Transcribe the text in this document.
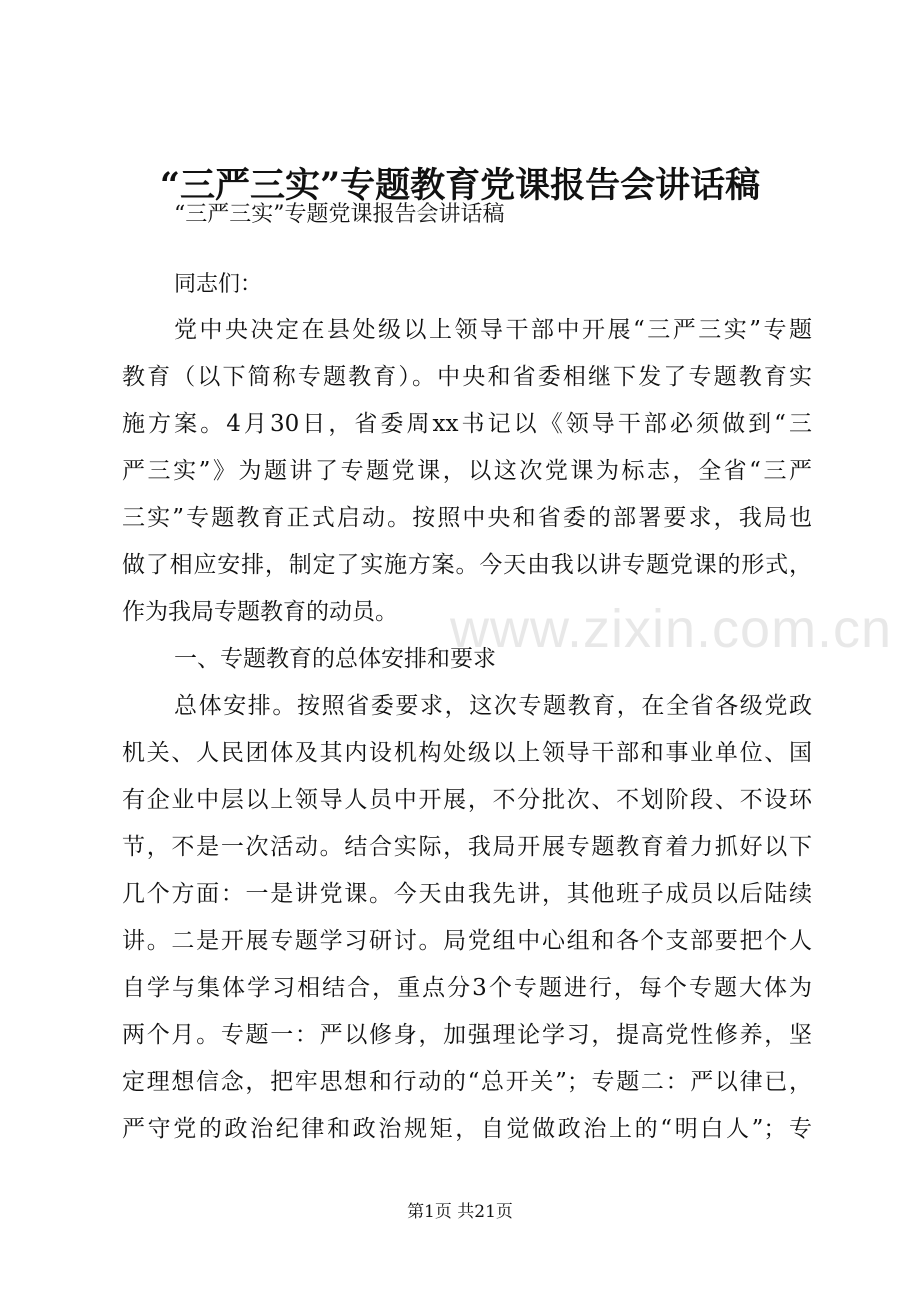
“三严三实”专题教育党课报告会讲话稿
“三严三实”专题党课报告会讲话稿
同志们：
党中央决定在县处级以上领导干部中开展“三严三实”专题
教育（以下简称专题教育）。中央和省委相继下发了专题教育实
施方案。4月30日，省委周xx书记以《领导干部必须做到“三
严三实”》为题讲了专题党课，以这次党课为标志，全省“三严
三实”专题教育正式启动。按照中央和省委的部署要求，我局也
做了相应安排，制定了实施方案。今天由我以讲专题党课的形式，
作为我局专题教育的动员。
一、专题教育的总体安排和要求
总体安排。按照省委要求，这次专题教育，在全省各级党政
机关、人民团体及其内设机构处级以上领导干部和事业单位、国
有企业中层以上领导人员中开展，不分批次、不划阶段、不设环
节，不是一次活动。结合实际，我局开展专题教育着力抓好以下
几个方面：一是讲党课。今天由我先讲，其他班子成员以后陆续
讲。二是开展专题学习研讨。局党组中心组和各个支部要把个人
自学与集体学习相结合，重点分3个专题进行，每个专题大体为
两个月。专题一：严以修身，加强理论学习，提高党性修养，坚
定理想信念，把牢思想和行动的“总开关”；专题二：严以律已，
严守党的政治纪律和政治规矩，自觉做政治上的“明白人”；专
www.zixin.com.cn
第1页 共21页
